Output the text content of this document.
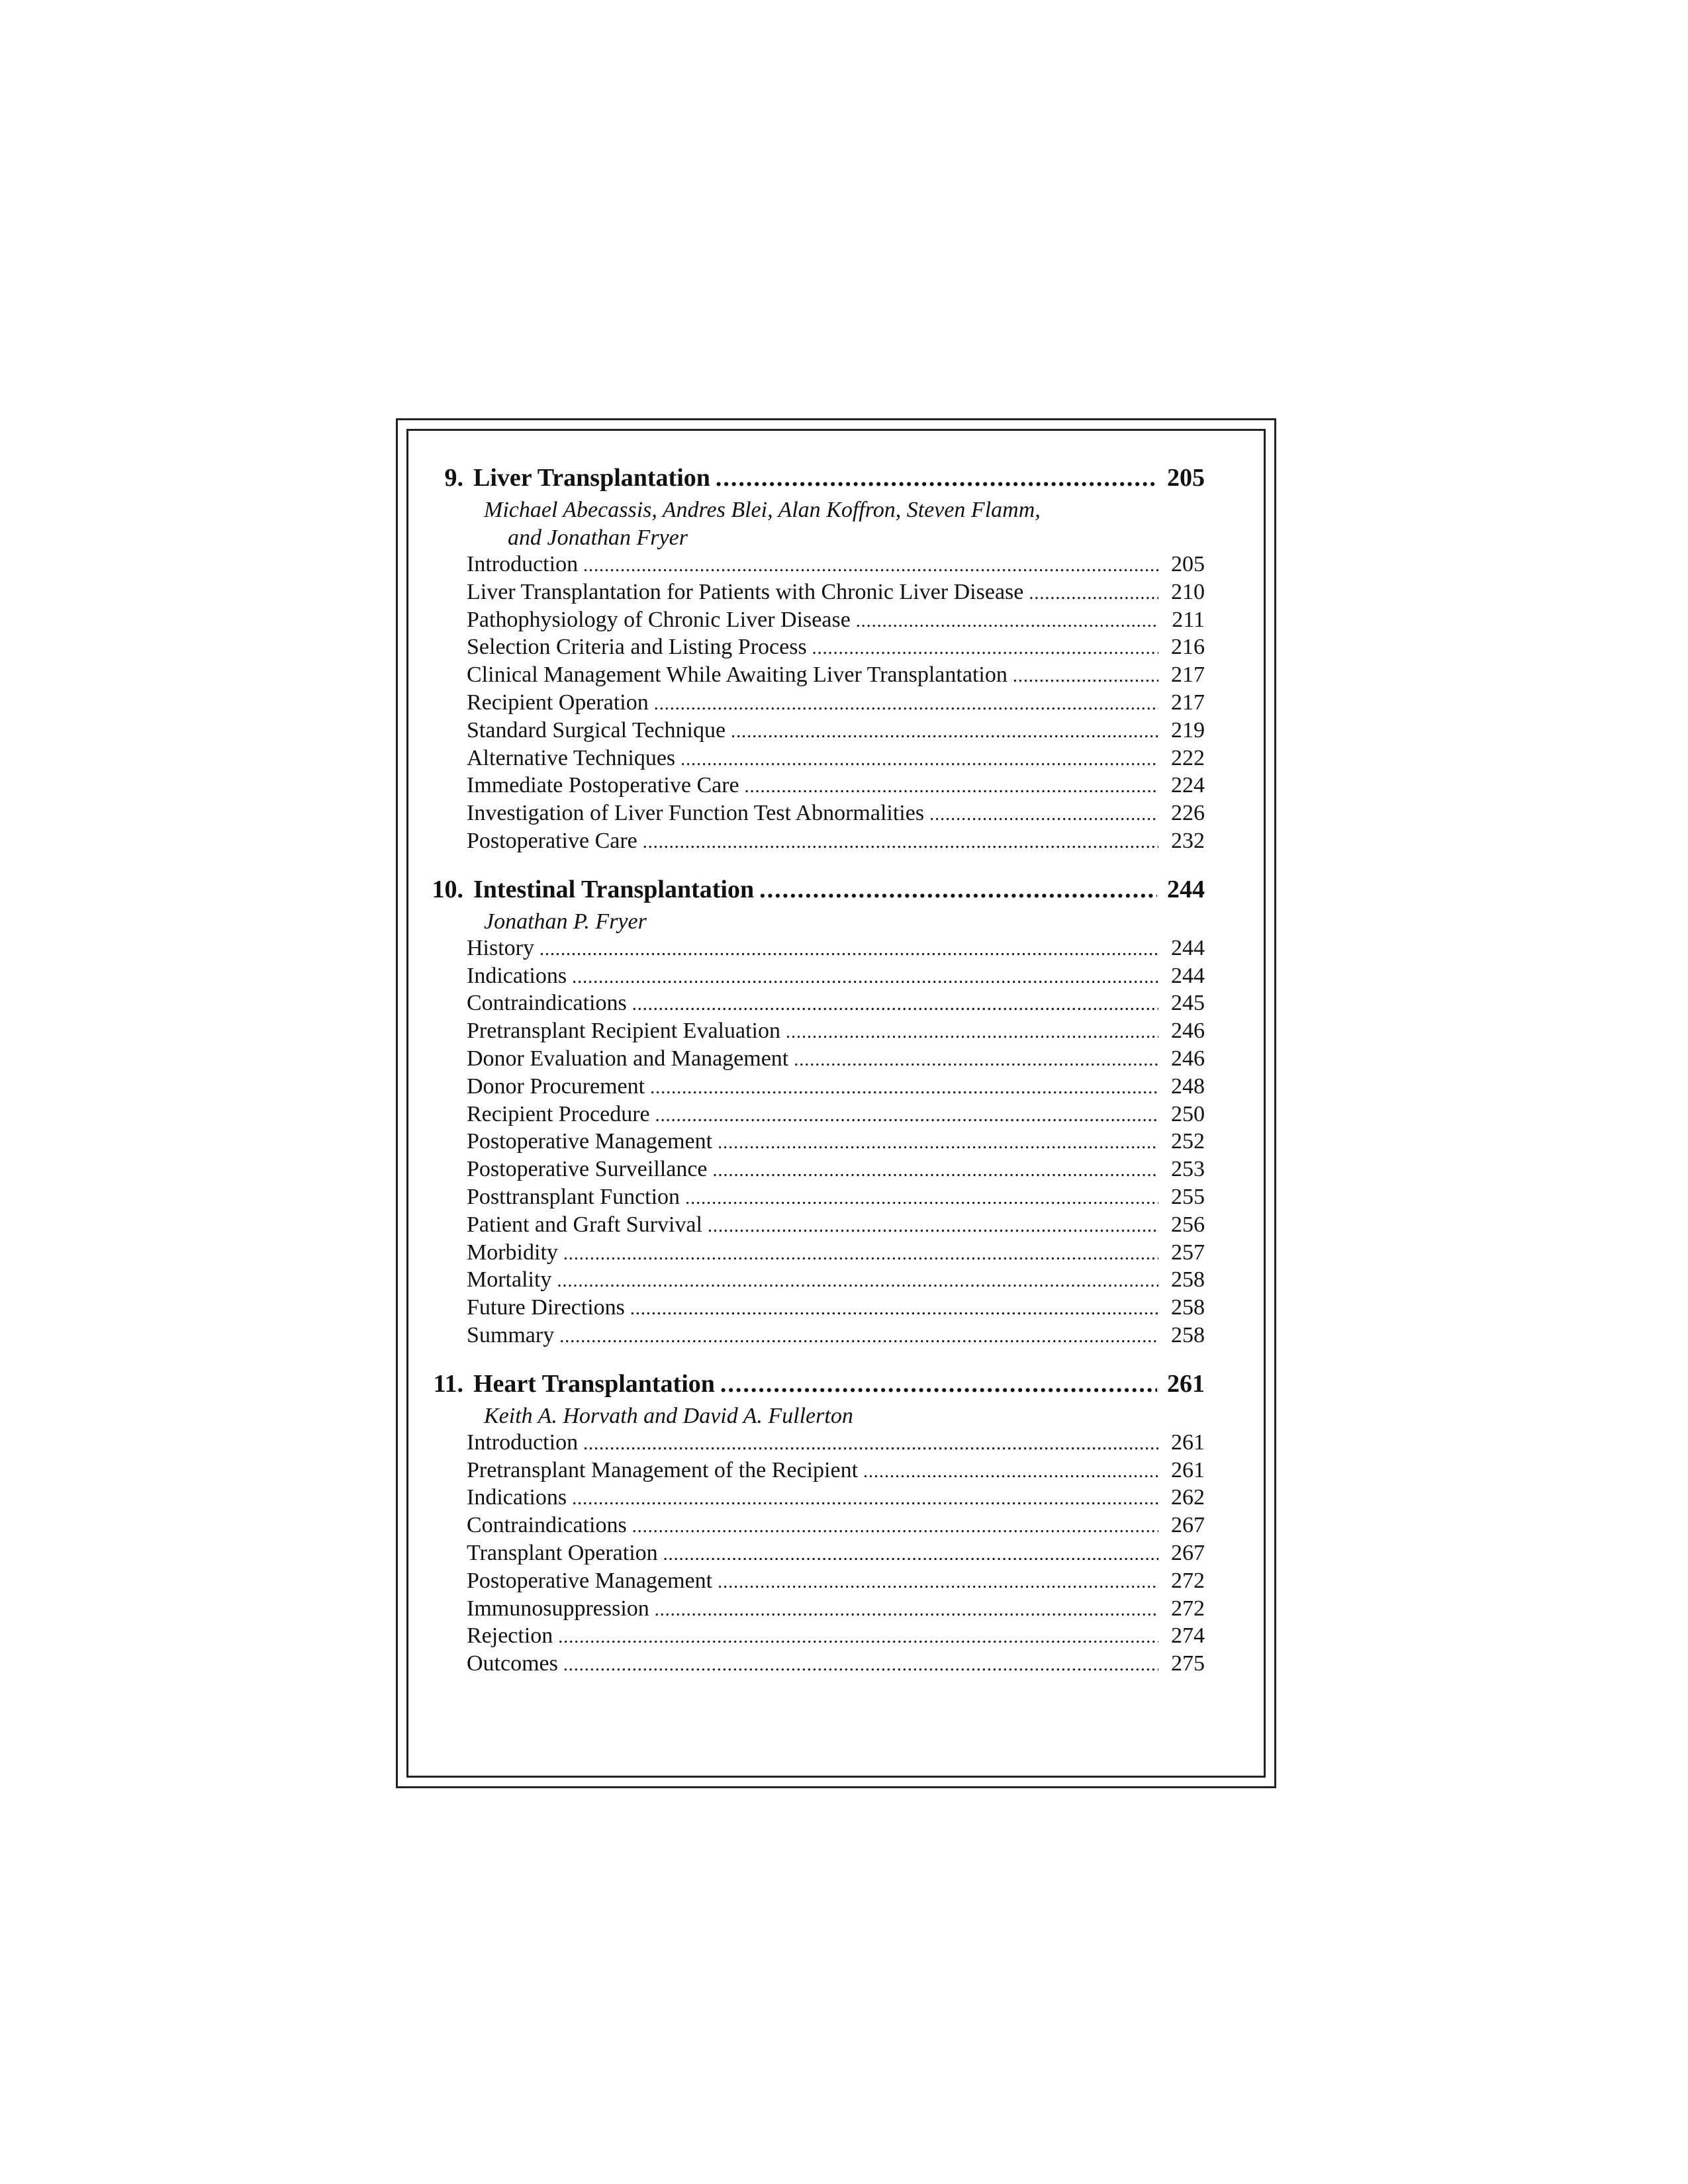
9. Liver Transplantation .....	205
Michael Abecassis, Andres Blei, Alan Koffron, Steven Flamm,
and Jonathan Fryer
Introduction .....	205
Liver Transplantation for Patients with Chronic Liver Disease .....	210
Pathophysiology of Chronic Liver Disease .....	211
Selection Criteria and Listing Process .....	216
Clinical Management While Awaiting Liver Transplantation .....	217
Recipient Operation .....	217
Standard Surgical Technique .....	219
Alternative Techniques .....	222
Immediate Postoperative Care .....	224
Investigation of Liver Function Test Abnormalities .....	226
Postoperative Care .....	232
10. Intestinal Transplantation .....	244
Jonathan P. Fryer
History .....	244
Indications .....	244
Contraindications .....	245
Pretransplant Recipient Evaluation .....	246
Donor Evaluation and Management .....	246
Donor Procurement .....	248
Recipient Procedure .....	250
Postoperative Management .....	252
Postoperative Surveillance .....	253
Posttransplant Function .....	255
Patient and Graft Survival .....	256
Morbidity .....	257
Mortality .....	258
Future Directions .....	258
Summary .....	258
11. Heart Transplantation .....	261
Keith A. Horvath and David A. Fullerton
Introduction .....	261
Pretransplant Management of the Recipient .....	261
Indications .....	262
Contraindications .....	267
Transplant Operation .....	267
Postoperative Management .....	272
Immunosuppression .....	272
Rejection .....	274
Outcomes .....	275
